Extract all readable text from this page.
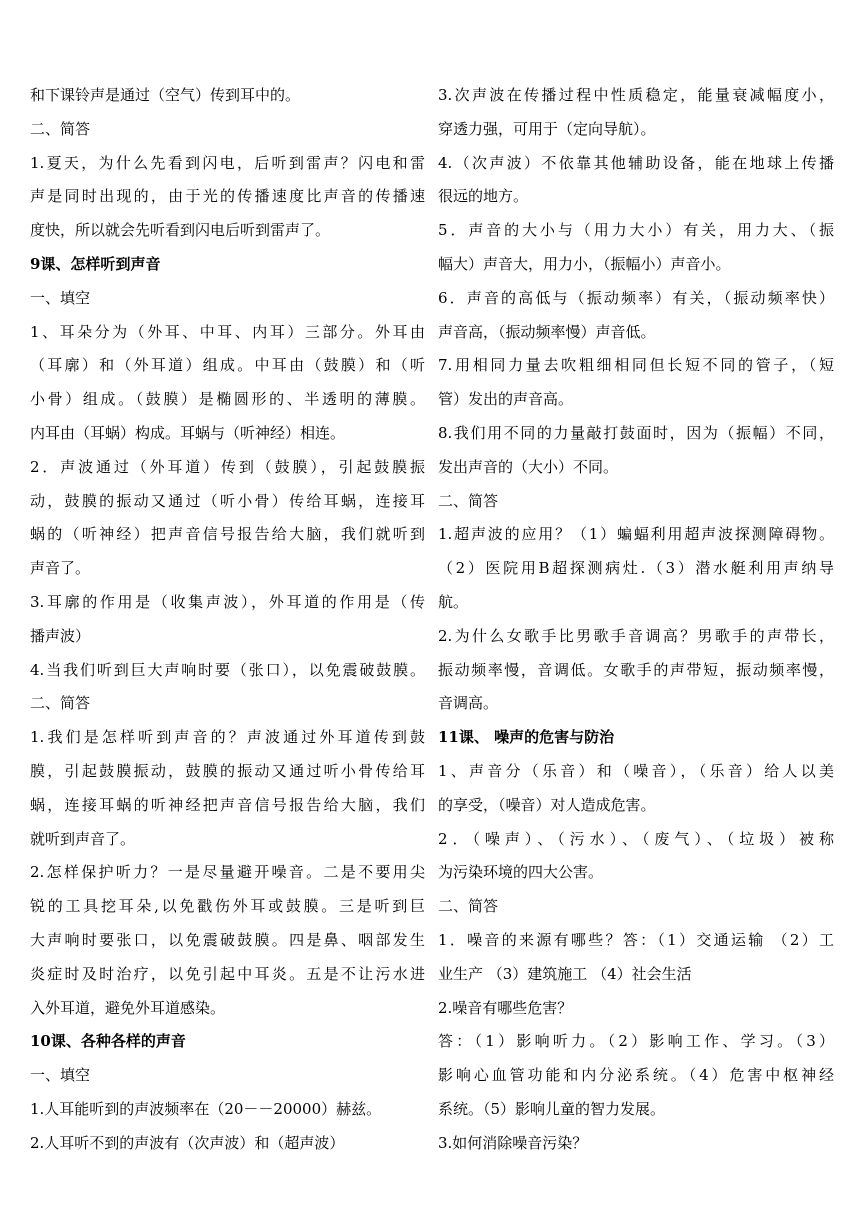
和下课铃声是通过（空气）传到耳中的。
二、简答
1.夏天，为什么先看到闪电，后听到雷声？闪电和雷
声是同时出现的，由于光的传播速度比声音的传播速
度快，所以就会先听看到闪电后听到雷声了。
9课、怎样听到声音
一、填空
1、耳朵分为（外耳、中耳、内耳）三部分。外耳由
（耳廓）和（外耳道）组成。中耳由（鼓膜）和（听
小骨）组成。（鼓膜）是椭圆形的、半透明的薄膜。
内耳由（耳蜗）构成。耳蜗与（听神经）相连。
2．声波通过（外耳道）传到（鼓膜），引起鼓膜振
动，鼓膜的振动又通过（听小骨）传给耳蜗，连接耳
蜗的（听神经）把声音信号报告给大脑，我们就听到
声音了。
3.耳廓的作用是（收集声波），外耳道的作用是（传
播声波）
4.当我们听到巨大声响时要（张口），以免震破鼓膜。
二、简答
1.我们是怎样听到声音的？声波通过外耳道传到鼓
膜，引起鼓膜振动，鼓膜的振动又通过听小骨传给耳
蜗，连接耳蜗的听神经把声音信号报告给大脑，我们
就听到声音了。
2.怎样保护听力？一是尽量避开噪音。二是不要用尖
锐的工具挖耳朵,以免戳伤外耳或鼓膜。三是听到巨
大声响时要张口，以免震破鼓膜。四是鼻、咽部发生
炎症时及时治疗，以免引起中耳炎。五是不让污水进
入外耳道，避免外耳道感染。
10课、各种各样的声音
一、填空
1.人耳能听到的声波频率在（20－－20000）赫兹。
2.人耳听不到的声波有（次声波）和（超声波）
3.次声波在传播过程中性质稳定，能量衰减幅度小，
穿透力强，可用于（定向导航）。
4.（次声波）不依靠其他辅助设备，能在地球上传播
很远的地方。
5．声音的大小与（用力大小）有关，用力大、（振
幅大）声音大，用力小，（振幅小）声音小。
6．声音的高低与（振动频率）有关，（振动频率快）
声音高，（振动频率慢）声音低。
7.用相同力量去吹粗细相同但长短不同的管子，（短
管）发出的声音高。
8.我们用不同的力量敲打鼓面时，因为（振幅）不同，
发出声音的（大小）不同。
二、简答
1.超声波的应用？（1）蝙蝠利用超声波探测障碍物。
（2）医院用B超探测病灶.（3）潜水艇利用声纳导
航。
2.为什么女歌手比男歌手音调高？男歌手的声带长，
振动频率慢，音调低。女歌手的声带短，振动频率慢，
音调高。
11课、 噪声的危害与防治
1、声音分（乐音）和（噪音），（乐音）给人以美
的享受，（噪音）对人造成危害。
2．（噪声）、（污水）、（废气）、（垃圾）被称
为污染环境的四大公害。
二、简答
1．噪音的来源有哪些？答：（1）交通运输 （2）工
业生产 （3）建筑施工 （4）社会生活
2.噪音有哪些危害？
答：（1）影响听力。（2）影响工作、学习。（3）
影响心血管功能和内分泌系统。（4）危害中枢神经
系统。（5）影响儿童的智力发展。
3.如何消除噪音污染？
